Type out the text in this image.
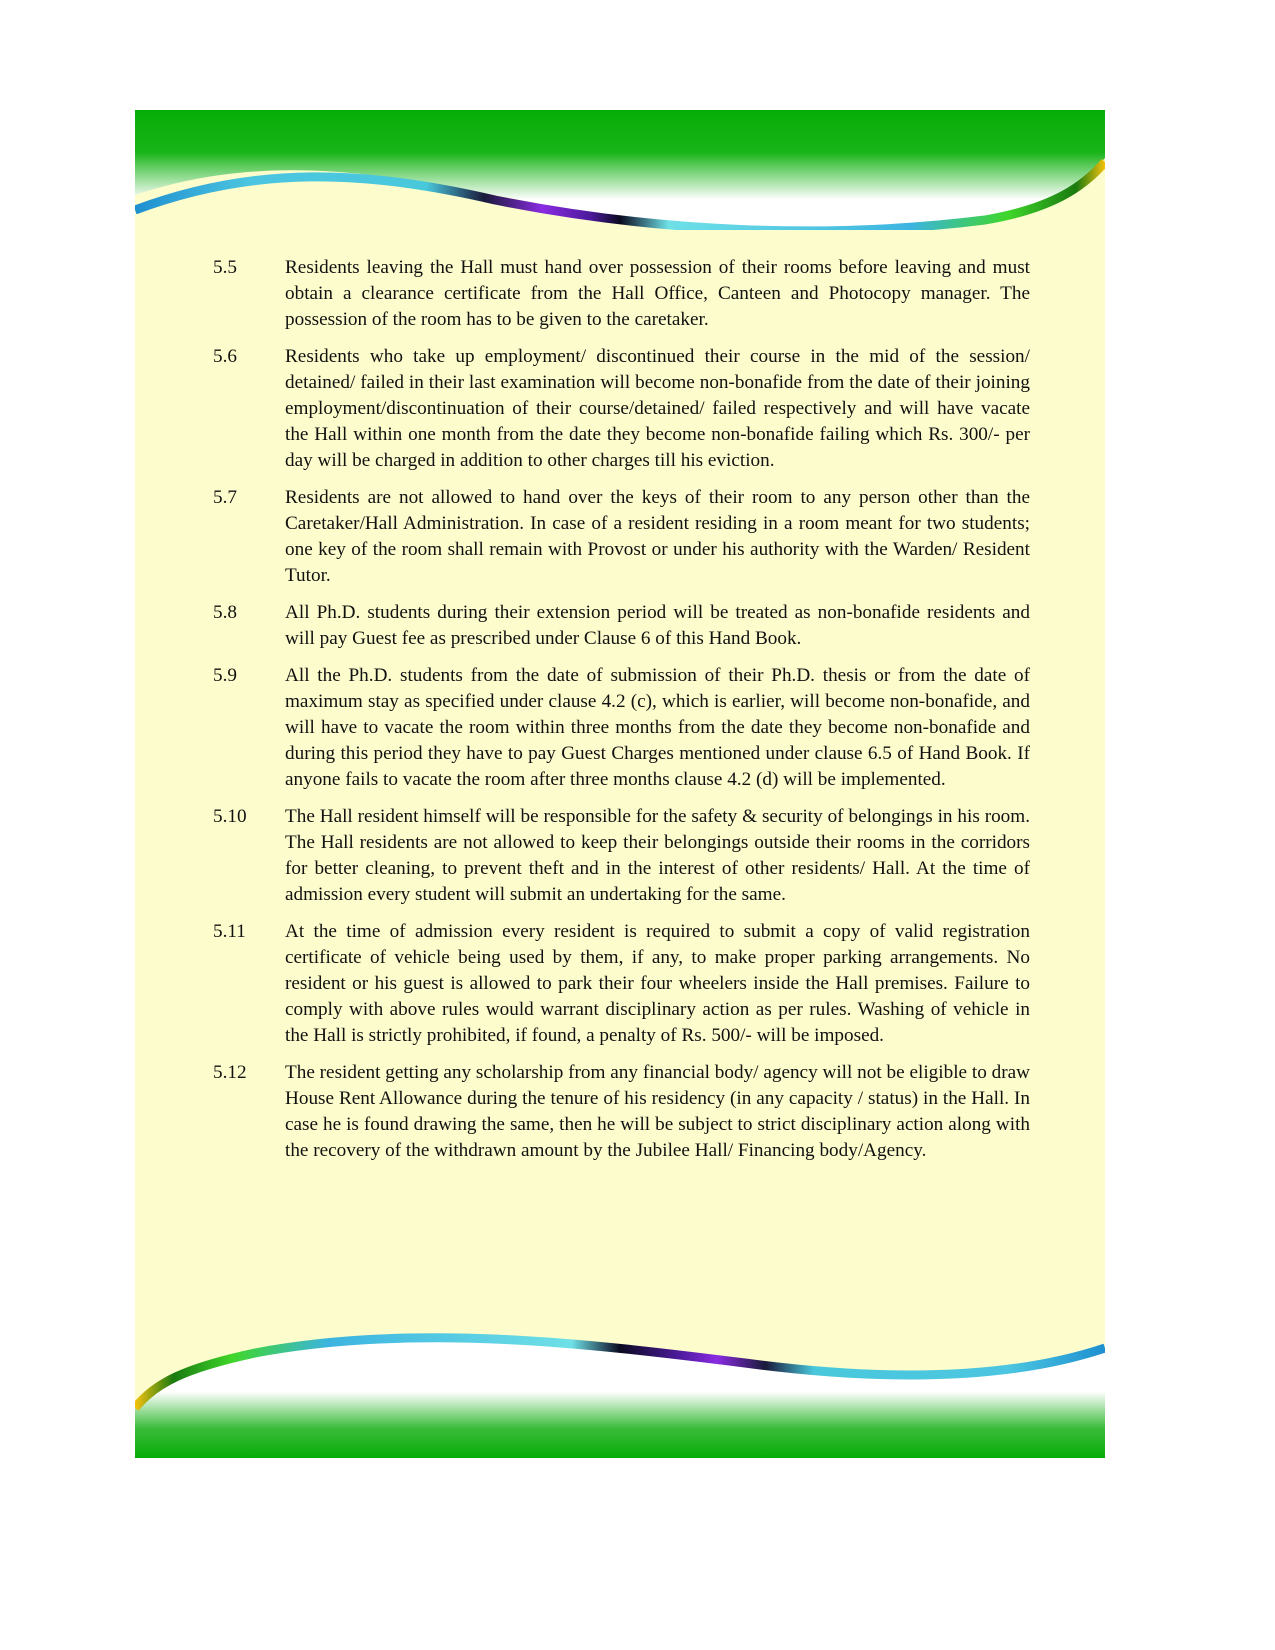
5.5	Residents leaving the Hall must hand over possession of their rooms before leaving and must obtain a clearance certificate from the Hall Office, Canteen and Photocopy manager. The possession of the room has to be given to the caretaker.
5.6	Residents who take up employment/ discontinued their course in the mid of the session/ detained/ failed in their last examination will become non-bonafide from the date of their joining employment/discontinuation of their course/detained/ failed respectively and will have vacate the Hall within one month from the date they become non-bonafide failing which Rs. 300/- per day will be charged in addition to other charges till his eviction.
5.7	Residents are not allowed to hand over the keys of their room to any person other than the Caretaker/Hall Administration. In case of a resident residing in a room meant for two students; one key of the room shall remain with Provost or under his authority with the Warden/ Resident Tutor.
5.8	All Ph.D. students during their extension period will be treated as non-bonafide residents and will pay Guest fee as prescribed under Clause 6 of this Hand Book.
5.9	All the Ph.D. students from the date of submission of their Ph.D. thesis or from the date of maximum stay as specified under clause 4.2 (c), which is earlier, will become non-bonafide, and will have to vacate the room within three months from the date they become non-bonafide and during this period they have to pay Guest Charges mentioned under clause 6.5 of Hand Book. If anyone fails to vacate the room after three months clause 4.2 (d) will be implemented.
5.10	The Hall resident himself will be responsible for the safety & security of belongings in his room. The Hall residents are not allowed to keep their belongings outside their rooms in the corridors for better cleaning, to prevent theft and in the interest of other residents/ Hall. At the time of admission every student will submit an undertaking for the same.
5.11	At the time of admission every resident is required to submit a copy of valid registration certificate of vehicle being used by them, if any, to make proper parking arrangements. No resident or his guest is allowed to park their four wheelers inside the Hall premises. Failure to comply with above rules would warrant disciplinary action as per rules. Washing of vehicle in the Hall is strictly prohibited, if found, a penalty of Rs. 500/- will be imposed.
5.12	The resident getting any scholarship from any financial body/ agency will not be eligible to draw House Rent Allowance during the tenure of his residency (in any capacity / status) in the Hall. In case he is found drawing the same, then he will be subject to strict disciplinary action along with the recovery of the withdrawn amount by the Jubilee Hall/ Financing body/Agency.
